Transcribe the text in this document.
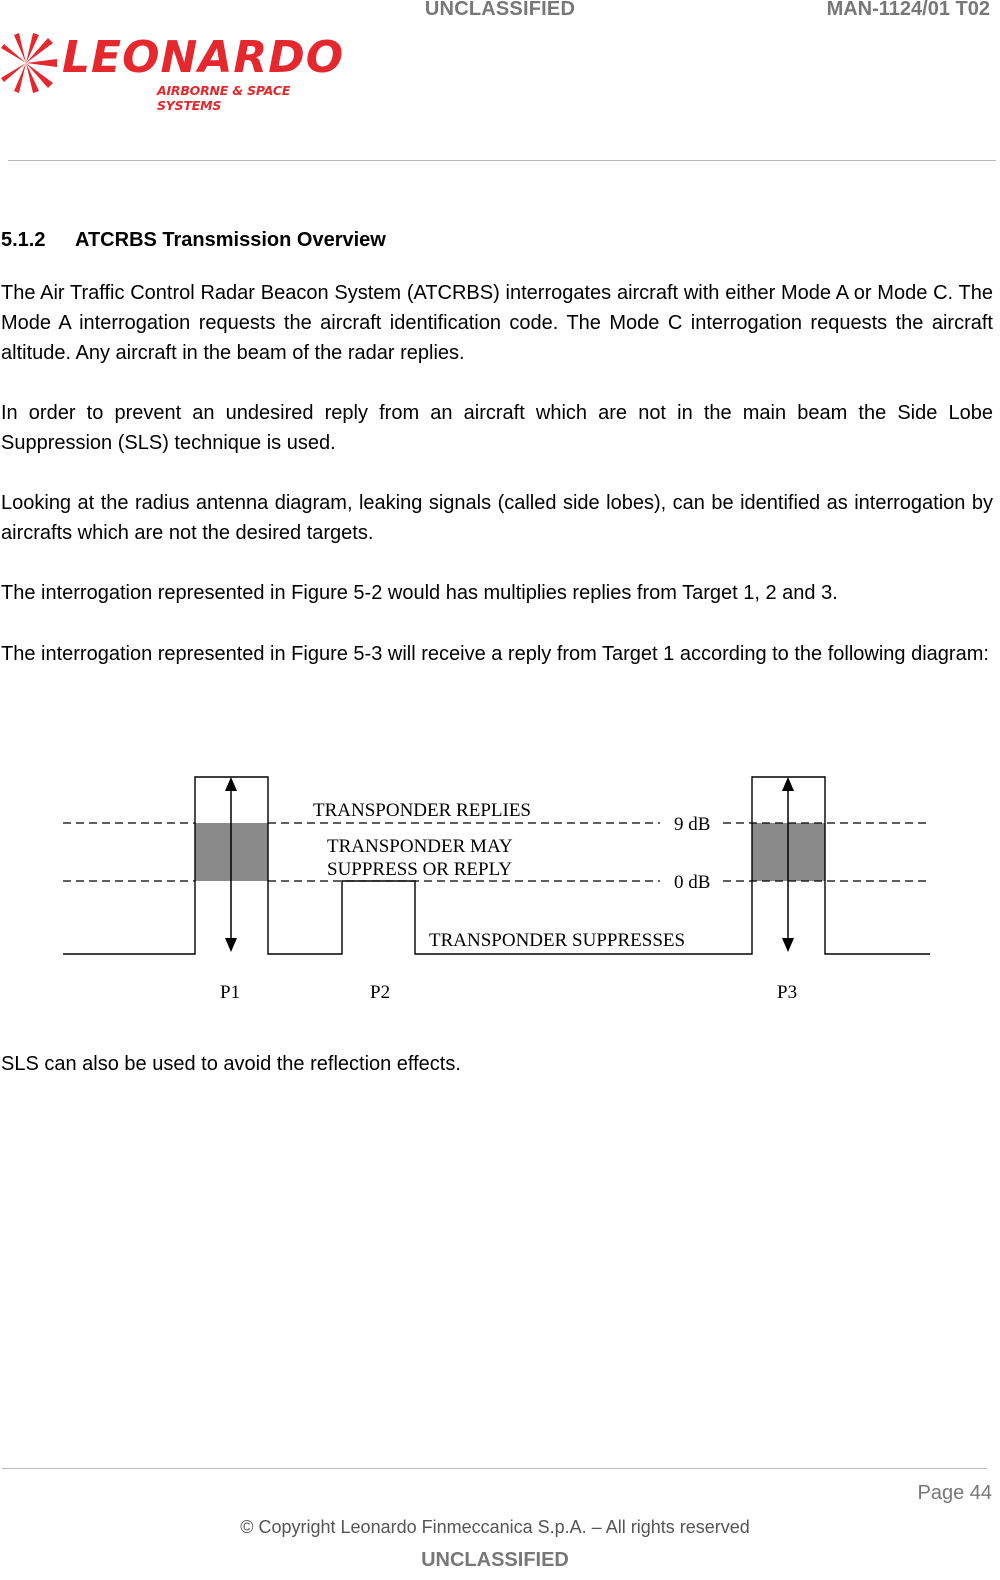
UNCLASSIFIED	MAN-1124/01 T02
LEONARDO
AIRBORNE & SPACE SYSTEMS
5.1.2 ATCRBS Transmission Overview

The Air Traffic Control Radar Beacon System (ATCRBS) interrogates aircraft with either Mode A or Mode C. The Mode A interrogation requests the aircraft identification code. The Mode C interrogation requests the aircraft altitude. Any aircraft in the beam of the radar replies.

In order to prevent an undesired reply from an aircraft which are not in the main beam the Side Lobe Suppression (SLS) technique is used.

Looking at the radius antenna diagram, leaking signals (called side lobes), can be identified as interrogation by aircrafts which are not the desired targets.

The interrogation represented in Figure 5-2 would has multiplies replies from Target 1, 2 and 3.

The interrogation represented in Figure 5-3 will receive a reply from Target 1 according to the following diagram:

TRANSPONDER REPLIES
TRANSPONDER MAY
SUPPRESS OR REPLY
9 dB
0 dB
TRANSPONDER SUPPRESSES
P1	P2	P3

SLS can also be used to avoid the reflection effects.

Page 44
© Copyright Leonardo Finmeccanica S.p.A. – All rights reserved
UNCLASSIFIED
